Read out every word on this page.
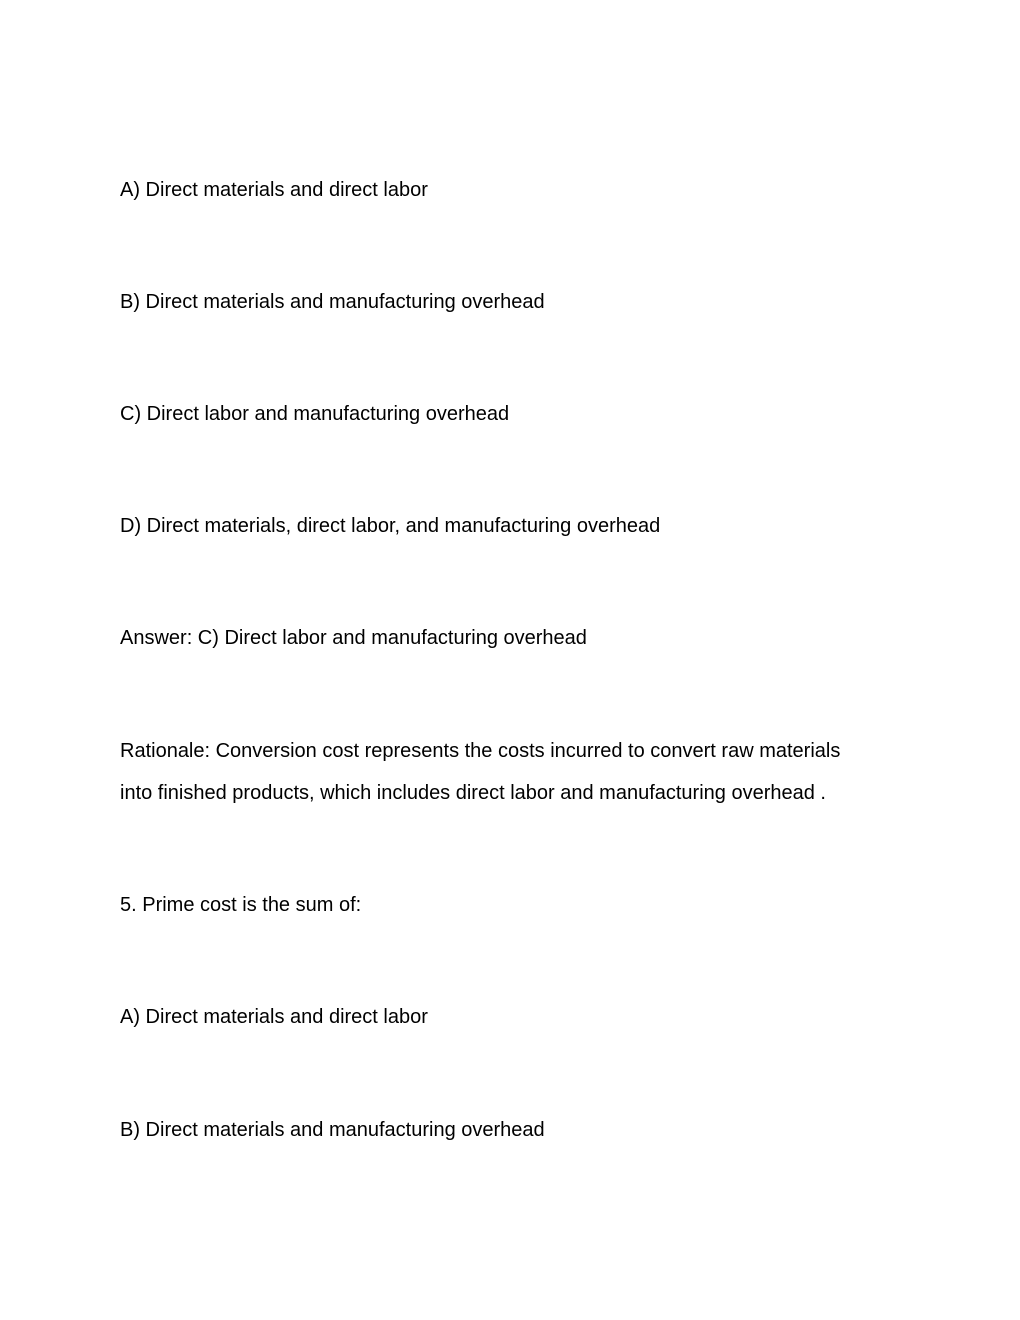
A) Direct materials and direct labor
B) Direct materials and manufacturing overhead
C) Direct labor and manufacturing overhead
D) Direct materials, direct labor, and manufacturing overhead
Answer: C) Direct labor and manufacturing overhead
Rationale: Conversion cost represents the costs incurred to convert raw materials
into finished products, which includes direct labor and manufacturing overhead .
5. Prime cost is the sum of:
A) Direct materials and direct labor
B) Direct materials and manufacturing overhead
